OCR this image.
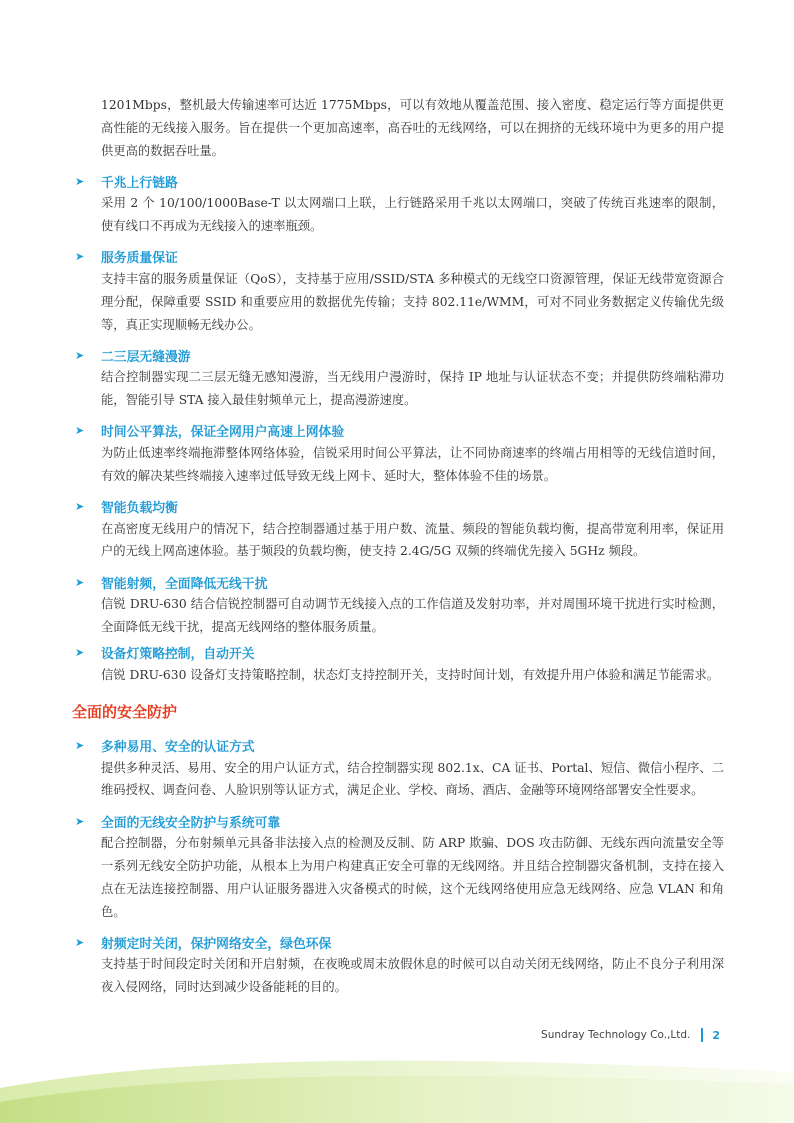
1201Mbps，整机最大传输速率可达近 1775Mbps，可以有效地从覆盖范围、接入密度、稳定运行等方面提供更高性能的无线接入服务。旨在提供一个更加高速率，高吞吐的无线网络，可以在拥挤的无线环境中为更多的用户提供更高的数据吞吐量。
➤	千兆上行链路
采用 2 个 10/100/1000Base-T 以太网端口上联，上行链路采用千兆以太网端口，突破了传统百兆速率的限制，使有线口不再成为无线接入的速率瓶颈。
➤	服务质量保证
支持丰富的服务质量保证（QoS），支持基于应用/SSID/STA 多种模式的无线空口资源管理，保证无线带宽资源合理分配，保障重要 SSID 和重要应用的数据优先传输；支持 802.11e/WMM，可对不同业务数据定义传输优先级等，真正实现顺畅无线办公。
➤	二三层无缝漫游
结合控制器实现二三层无缝无感知漫游，当无线用户漫游时，保持 IP 地址与认证状态不变；并提供防终端粘滞功能，智能引导 STA 接入最佳射频单元上，提高漫游速度。
➤	时间公平算法，保证全网用户高速上网体验
为防止低速率终端拖滞整体网络体验，信锐采用时间公平算法，让不同协商速率的终端占用相等的无线信道时间，有效的解决某些终端接入速率过低导致无线上网卡、延时大，整体体验不佳的场景。
➤	智能负载均衡
在高密度无线用户的情况下，结合控制器通过基于用户数、流量、频段的智能负载均衡，提高带宽利用率，保证用户的无线上网高速体验。基于频段的负载均衡，使支持 2.4G/5G 双频的终端优先接入 5GHz 频段。
➤	智能射频，全面降低无线干扰
信锐 DRU-630 结合信锐控制器可自动调节无线接入点的工作信道及发射功率，并对周围环境干扰进行实时检测，全面降低无线干扰，提高无线网络的整体服务质量。
➤	设备灯策略控制，自动开关
信锐 DRU-630 设备灯支持策略控制，状态灯支持控制开关，支持时间计划，有效提升用户体验和满足节能需求。
全面的安全防护
➤	多种易用、安全的认证方式
提供多种灵活、易用、安全的用户认证方式，结合控制器实现 802.1x、CA 证书、Portal、短信、微信小程序、二维码授权、调查问卷、人脸识别等认证方式，满足企业、学校、商场、酒店、金融等环境网络部署安全性要求。
➤	全面的无线安全防护与系统可靠
配合控制器，分布射频单元具备非法接入点的检测及反制、防 ARP 欺骗、DOS 攻击防御、无线东西向流量安全等一系列无线安全防护功能，从根本上为用户构建真正安全可靠的无线网络。并且结合控制器灾备机制，支持在接入点在无法连接控制器、用户认证服务器进入灾备模式的时候，这个无线网络使用应急无线网络、应急 VLAN 和角色。
➤	射频定时关闭，保护网络安全，绿色环保
支持基于时间段定时关闭和开启射频，在夜晚或周末放假休息的时候可以自动关闭无线网络，防止不良分子利用深夜入侵网络，同时达到减少设备能耗的目的。
Sundray Technology Co.,Ltd. 2
